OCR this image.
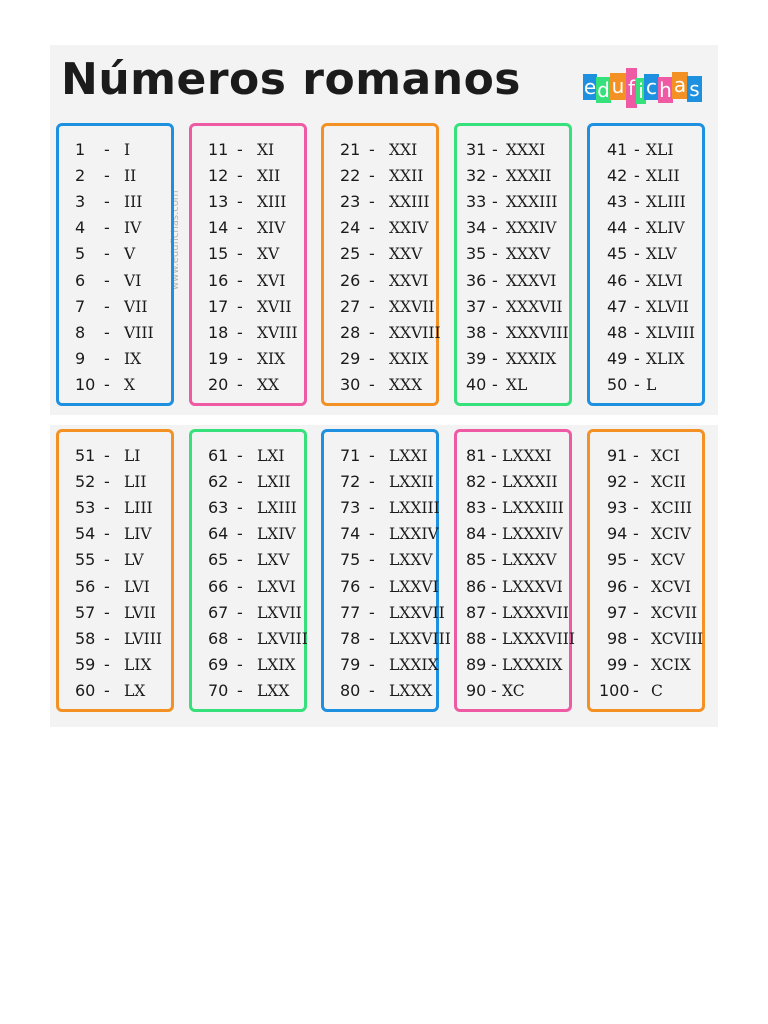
Números romanos	e d u f i c h a s
www.edufichas.com
1 - I
2 - II
3 - III
4 - IV
5 - V
6 - VI
7 - VII
8 - VIII
9 - IX
10 - X
11 - XI
12 - XII
13 - XIII
14 - XIV
15 - XV
16 - XVI
17 - XVII
18 - XVIII
19 - XIX
20 - XX
21 - XXI
22 - XXII
23 - XXIII
24 - XXIV
25 - XXV
26 - XXVI
27 - XXVII
28 - XXVIII
29 - XXIX
30 - XXX
31 - XXXI
32 - XXXII
33 - XXXIII
34 - XXXIV
35 - XXXV
36 - XXXVI
37 - XXXVII
38 - XXXVIII
39 - XXXIX
40 - XL
41 - XLI
42 - XLII
43 - XLIII
44 - XLIV
45 - XLV
46 - XLVI
47 - XLVII
48 - XLVIII
49 - XLIX
50 - L
51 - LI
52 - LII
53 - LIII
54 - LIV
55 - LV
56 - LVI
57 - LVII
58 - LVIII
59 - LIX
60 - LX
61 - LXI
62 - LXII
63 - LXIII
64 - LXIV
65 - LXV
66 - LXVI
67 - LXVII
68 - LXVIII
69 - LXIX
70 - LXX
71 - LXXI
72 - LXXII
73 - LXXIII
74 - LXXIV
75 - LXXV
76 - LXXVI
77 - LXXVII
78 - LXXVIII
79 - LXXIX
80 - LXXX
81 - LXXXI
82 - LXXXII
83 - LXXXIII
84 - LXXXIV
85 - LXXXV
86 - LXXXVI
87 - LXXXVII
88 - LXXXVIII
89 - LXXXIX
90 - XC
91 - XCI
92 - XCII
93 - XCIII
94 - XCIV
95 - XCV
96 - XCVI
97 - XCVII
98 - XCVIII
99 - XCIX
100 - C
